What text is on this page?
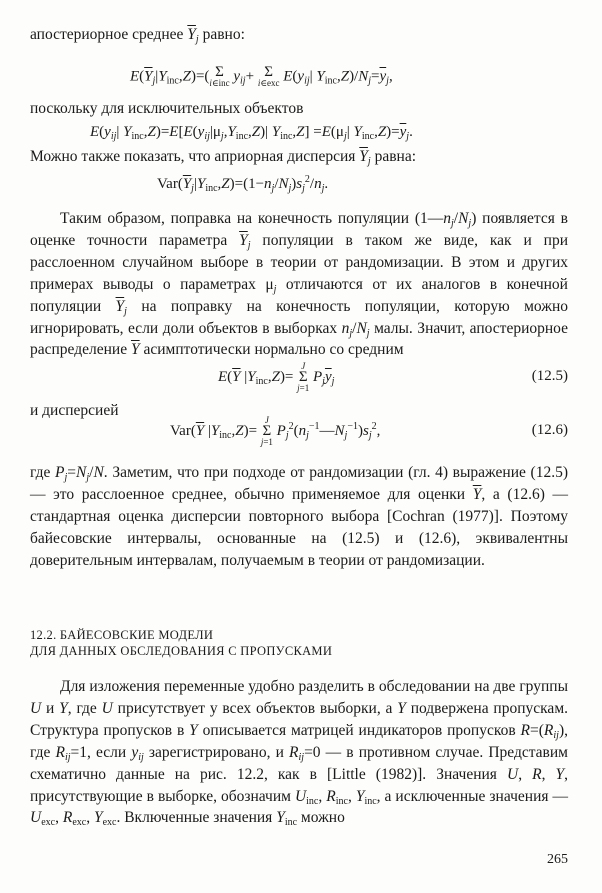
апостериорное среднее $\overline{Y}_j$ равно:
$E(\overline{Y}_j|Y_{inc},Z)=$( Σ
i∈inc $y_{ij}+ \Sigma$
i∈exc $E(y_{ij}|$ $Y_{inc},Z)/N_j=\overline{y}_j$,
поскольку для исключительных объектов
$E(y_{ij}|$ $Y_{inc},Z)=E[E(y_{ij}|\mu_j,Y_{inc},Z)|$ $Y_{inc},Z] =E(\mu_j|$ $Y_{inc},Z)=\overline{y}_j$.
Можно также показать, что априорная дисперсия $\overline{Y}_j$ равна:
$Var(\overline{Y}_j|Y_{inc},Z)=(1-n_j/N_j)s_j^2/n_j$.
Таким образом, поправка на конечность популяции $(1—n_j/N_j)$ появляется в оценке точности параметра $\overline{Y}_j$ популяции в таком же виде, как и при расслоенном случайном выборе в теории от рандомизации. В этом и других примерах выводы о параметрах $\mu_j$ отличаются от их аналогов в конечной популяции $\overline{Y}_j$ на поправку на конечность популяции, которую можно игнорировать, если доли объектов в выборках $n_j/N_j$ малы. Значит, апостериорное распределение $\overline{Y}$ асимптотически нормально со средним
$E(\overline{Y}$ $|Y_{inc},Z)= J$
Σ
j=1 $P_j\overline{y}_j$	(12.5)
и дисперсией
$Var(\overline{Y}$ $|Y_{inc},Z)= J$
Σ
j=1 $P_j^2(n_j^{-1}—N_j^{-1})s_j^2$,	(12.6)
где $P_j=N_j/N$. Заметим, что при подходе от рандомизации (гл. 4) выражение (12.5) — это расслоенное среднее, обычно применяемое для оценки $\overline{Y}$, а (12.6) — стандартная оценка дисперсии повторного выбора [Cochran (1977)]. Поэтому байесовские интервалы, основанные на (12.5) и (12.6), эквивалентны доверительным интервалам, получаемым в теории от рандомизации.
12.2. БАЙЕСОВСКИЕ МОДЕЛИ
ДЛЯ ДАННЫХ ОБСЛЕДОВАНИЯ С ПРОПУСКАМИ
Для изложения переменные удобно разделить в обследовании на две группы U и Y, где U присутствует у всех объектов выборки, а Y подвержена пропускам. Структура пропусков в Y описывается матрицей индикаторов пропусков $R=(R_{ij})$, где $R_{ij}=1$, если $y_{ij}$ зарегистрировано, и $R_{ij}=0$ — в противном случае. Представим схематично данные на рис. 12.2, как в [Little (1982)]. Значения U, R, Y, присутствующие в выборке, обозначим $U_{inc}$, $R_{inc}$, $Y_{inc}$, а исключенные значения — $U_{exc}$, $R_{exc}$, $Y_{exc}$. Включенные значения $Y_{inc}$ можно
265
